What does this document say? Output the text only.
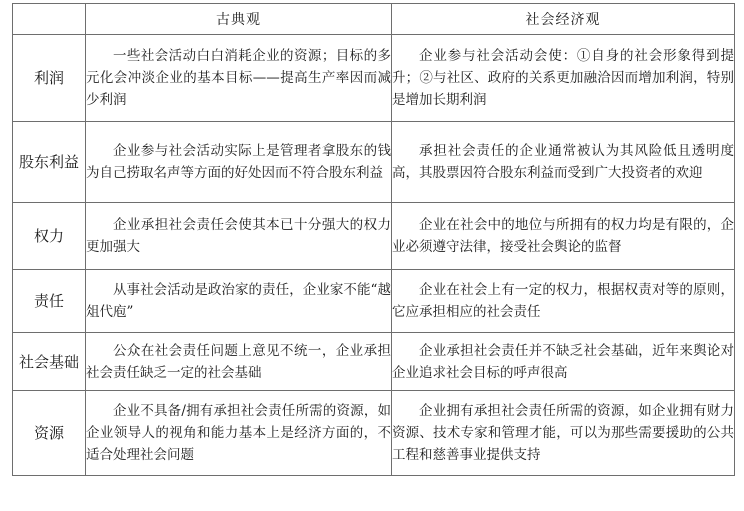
	古典观	社会经济观
利润	一些社会活动白白消耗企业的资源；目标的多元化会冲淡企业的基本目标——提高生产率因而减少利润	企业参与社会活动会使：①自身的社会形象得到提升；②与社区、政府的关系更加融洽因而增加利润，特别是增加长期利润

股东利益	企业参与社会活动实际上是管理者拿股东的钱为自己捞取名声等方面的好处因而不符合股东利益	承担社会责任的企业通常被认为其风险低且透明度高，其股票因符合股东利益而受到广大投资者的欢迎

权力	企业承担社会责任会使其本已十分强大的权力更加强大	企业在社会中的地位与所拥有的权力均是有限的，企业必须遵守法律，接受社会舆论的监督

责任	从事社会活动是政治家的责任，企业家不能“越俎代庖”	企业在社会上有一定的权力，根据权责对等的原则，它应承担相应的社会责任

社会基础	公众在社会责任问题上意见不统一，企业承担社会责任缺乏一定的社会基础	企业承担社会责任并不缺乏社会基础，近年来舆论对企业追求社会目标的呼声很高

资源	企业不具备/拥有承担社会责任所需的资源，如企业领导人的视角和能力基本上是经济方面的，不适合处理社会问题	企业拥有承担社会责任所需的资源，如企业拥有财力资源、技术专家和管理才能，可以为那些需要援助的公共工程和慈善事业提供支持
